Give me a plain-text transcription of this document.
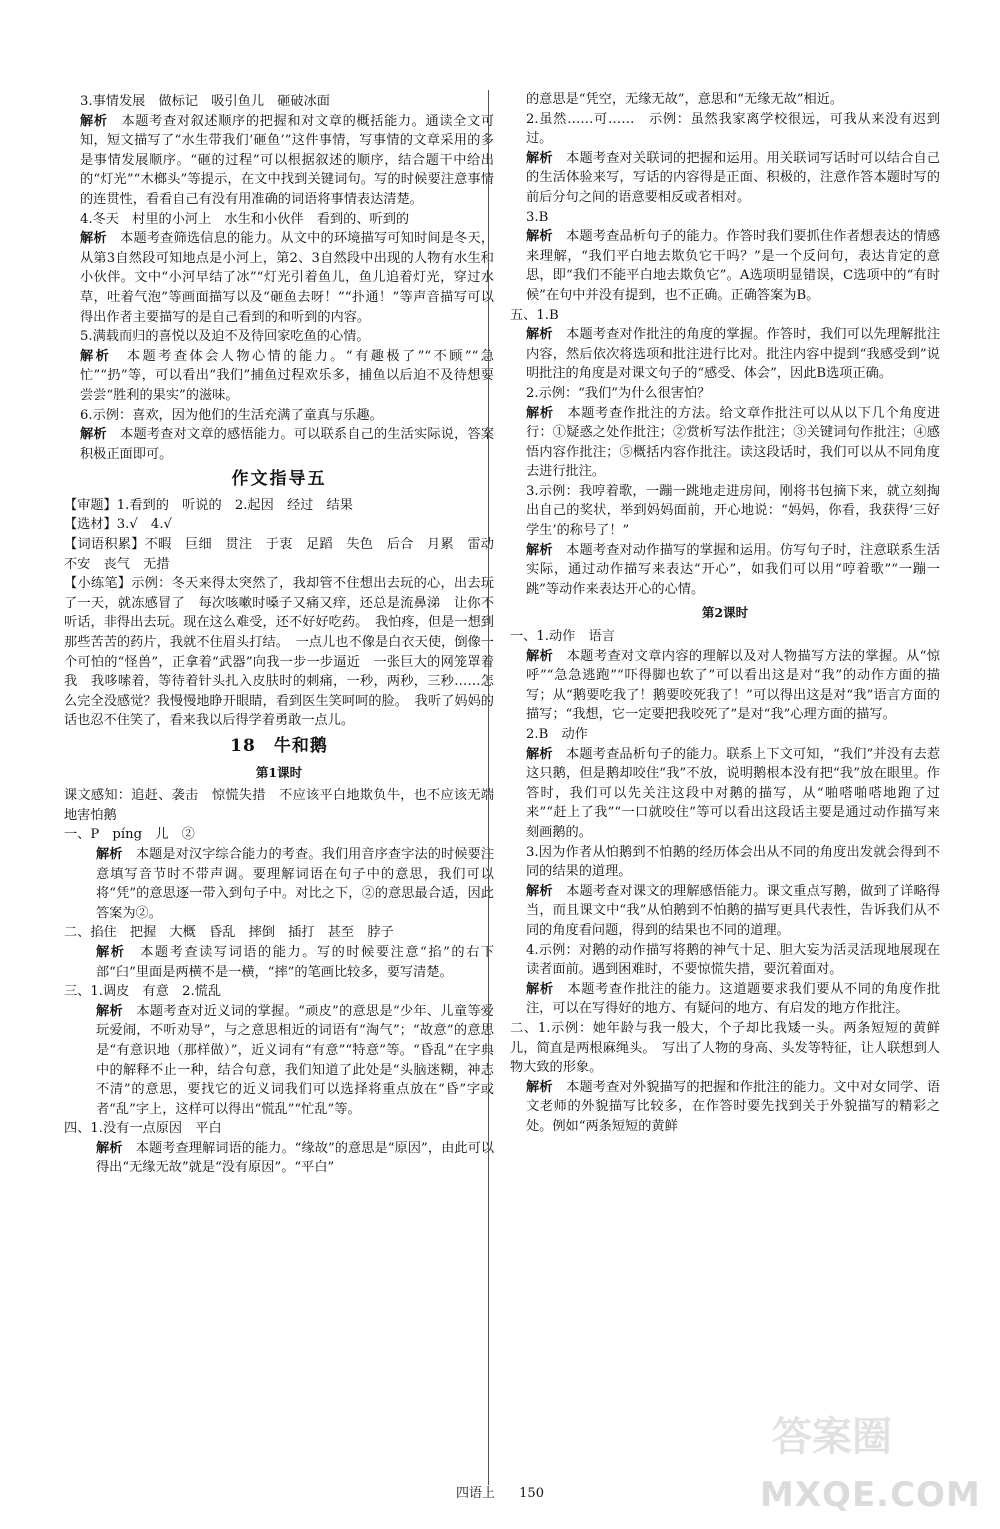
3.事情发展　做标记　吸引鱼儿　砸破冰面
解析　本题考查对叙述顺序的把握和对文章的概括能力。通读全文可知，短文描写了“水生带我们‘砸鱼’”这件事情，写事情的文章采用的多是事情发展顺序。“砸的过程”可以根据叙述的顺序，结合题干中给出的“灯光”“木榔头”等提示，在文中找到关键词句。写的时候要注意事情的连贯性，看看自己有没有用准确的词语将事情表达清楚。
4.冬天　村里的小河上　水生和小伙伴　看到的、听到的
解析　本题考查筛选信息的能力。从文中的环境描写可知时间是冬天，从第3自然段可知地点是小河上，第2、3自然段中出现的人物有水生和小伙伴。文中“小河早结了冰”“灯光引着鱼儿，鱼儿追着灯光，穿过水草，吐着气泡”等画面描写以及“砸鱼去呀！”“扑通！”等声音描写可以得出作者主要描写的是自己看到的和听到的内容。
5.满载而归的喜悦以及迫不及待回家吃鱼的心情。
解析　本题考查体会人物心情的能力。“有趣极了”“不顾”“急忙”“扔”等，可以看出“我们”捕鱼过程欢乐多，捕鱼以后迫不及待想要尝尝“胜利的果实”的滋味。
6.示例：喜欢，因为他们的生活充满了童真与乐趣。
解析　本题考查对文章的感悟能力。可以联系自己的生活实际说，答案积极正面即可。
作文指导五
【审题】1.看到的　听说的　2.起因　经过　结果
【选材】3.√　4.√
【词语积累】不暇　巨细　贯注　于衷　足蹈　失色　后合　月累　雷动　不安　丧气　无措
【小练笔】示例：冬天来得太突然了，我却管不住想出去玩的心，出去玩了一天，就冻感冒了　每次咳嗽时嗓子又痛又痒，还总是流鼻涕　让你不听话，非得出去玩。现在这么难受，还不好好吃药。　我怕疼，但是一想到那些苦苦的药片，我就不住眉头打结。　一点儿也不像是白衣天使，倒像一个可怕的“怪兽”，正拿着“武器”向我一步一步逼近　一张巨大的网笼罩着我　我哆嗦着，等待着针头扎入皮肤时的刺痛，一秒，两秒，三秒……怎么完全没感觉？我慢慢地睁开眼睛，看到医生笑呵呵的脸。　我听了妈妈的话也忍不住笑了，看来我以后得学着勇敢一点儿。
18　牛和鹅
第1课时
课文感知：追赶、袭击　惊慌失措　不应该平白地欺负牛，也不应该无端地害怕鹅
一、P　píng　儿　②
解析　本题是对汉字综合能力的考查。我们用音序查字法的时候要注意填写音节时不带声调。要理解词语在句子中的意思，我们可以将“凭”的意思逐一带入到句子中。对比之下，②的意思最合适，因此答案为②。
二、掐住　把握　大概　昏乱　摔倒　插打　甚至　脖子
解析　本题考查读写词语的能力。写的时候要注意“掐”的右下部“臼”里面是两横不是一横，“摔”的笔画比较多，要写清楚。
三、1.调皮　有意　2.慌乱
解析　本题考查对近义词的掌握。“顽皮”的意思是“少年、儿童等爱玩爱闹，不听劝导”，与之意思相近的词语有“淘气”；“故意”的意思是“有意识地（那样做）”，近义词有“有意”“特意”等。“昏乱”在字典中的解释不止一种，结合句意，我们知道了此处是“头脑迷糊，神志不清”的意思，要找它的近义词我们可以选择将重点放在“昏”字或者“乱”字上，这样可以得出“慌乱”“忙乱”等。
四、1.没有一点原因　平白
解析　本题考查理解词语的能力。“缘故”的意思是“原因”，由此可以得出“无缘无故”就是“没有原因”。“平白”
的意思是“凭空，无缘无故”，意思和“无缘无故”相近。
2.虽然……可……　示例：虽然我家离学校很远，可我从来没有迟到过。
解析　本题考查对关联词的把握和运用。用关联词写话时可以结合自己的生活体验来写，写话的内容得是正面、积极的，注意作答本题时写的前后分句之间的语意要相反或者相对。
3.B
解析　本题考查品析句子的能力。作答时我们要抓住作者想表达的情感来理解，“我们平白地去欺负它干吗？”是一个反问句，表达肯定的意思，即“我们不能平白地去欺负它”。A选项明显错误，C选项中的“有时候”在句中并没有提到，也不正确。正确答案为B。
五、1.B
解析　本题考查对作批注的角度的掌握。作答时，我们可以先理解批注内容，然后依次将选项和批注进行比对。批注内容中提到“我感受到”说明批注的角度是对课文句子的“感受、体会”，因此B选项正确。
2.示例：“我们”为什么很害怕？
解析　本题考查作批注的方法。给文章作批注可以从以下几个角度进行：①疑惑之处作批注；②赏析写法作批注；③关键词句作批注；④感悟内容作批注；⑤概括内容作批注。读这段话时，我们可以从不同角度去进行批注。
3.示例：我哼着歌，一蹦一跳地走进房间，刚将书包摘下来，就立刻掏出自己的奖状，举到妈妈面前，开心地说：“妈妈，你看，我获得‘三好学生’的称号了！”
解析　本题考查对动作描写的掌握和运用。仿写句子时，注意联系生活实际，通过动作描写来表达“开心”，如我们可以用“哼着歌”“一蹦一跳”等动作来表达开心的心情。
第2课时
一、1.动作　语言
解析　本题考查对文章内容的理解以及对人物描写方法的掌握。从“惊呼”“急急逃跑”“吓得脚也软了”可以看出这是对“我”的动作方面的描写；从“鹅要吃我了！鹅要咬死我了！”可以得出这是对“我”语言方面的描写；“我想，它一定要把我咬死了”是对“我”心理方面的描写。
2.B　动作
解析　本题考查品析句子的能力。联系上下文可知，“我们”并没有去惹这只鹅，但是鹅却咬住“我”不放，说明鹅根本没有把“我”放在眼里。作答时，我们可以先关注这段中对鹅的描写，从“啪嗒啪嗒地跑了过来”“赶上了我”“一口就咬住”等可以看出这段话主要是通过动作描写来刻画鹅的。
3.因为作者从怕鹅到不怕鹅的经历体会出从不同的角度出发就会得到不同的结果的道理。
解析　本题考查对课文的理解感悟能力。课文重点写鹅，做到了详略得当，而且课文中“我”从怕鹅到不怕鹅的描写更具代表性，告诉我们从不同的角度看问题，得到的结果也不同的道理。
4.示例：对鹅的动作描写将鹅的神气十足、胆大妄为活灵活现地展现在读者面前。遇到困难时，不要惊慌失措，要沉着面对。
解析　本题考查作批注的能力。这道题要求我们要从不同的角度作批注，可以在写得好的地方、有疑问的地方、有启发的地方作批注。
二、1.示例：她年龄与我一般大，个子却比我矮一头。两条短短的黄鲜儿，简直是两根麻绳头。　写出了人物的身高、头发等特征，让人联想到人物大致的形象。
解析　本题考查对外貌描写的把握和作批注的能力。文中对女同学、语文老师的外貌描写比较多，在作答时要先找到关于外貌描写的精彩之处。例如“两条短短的黄鲜
四语上 150
答案圈
MXQE.COM
